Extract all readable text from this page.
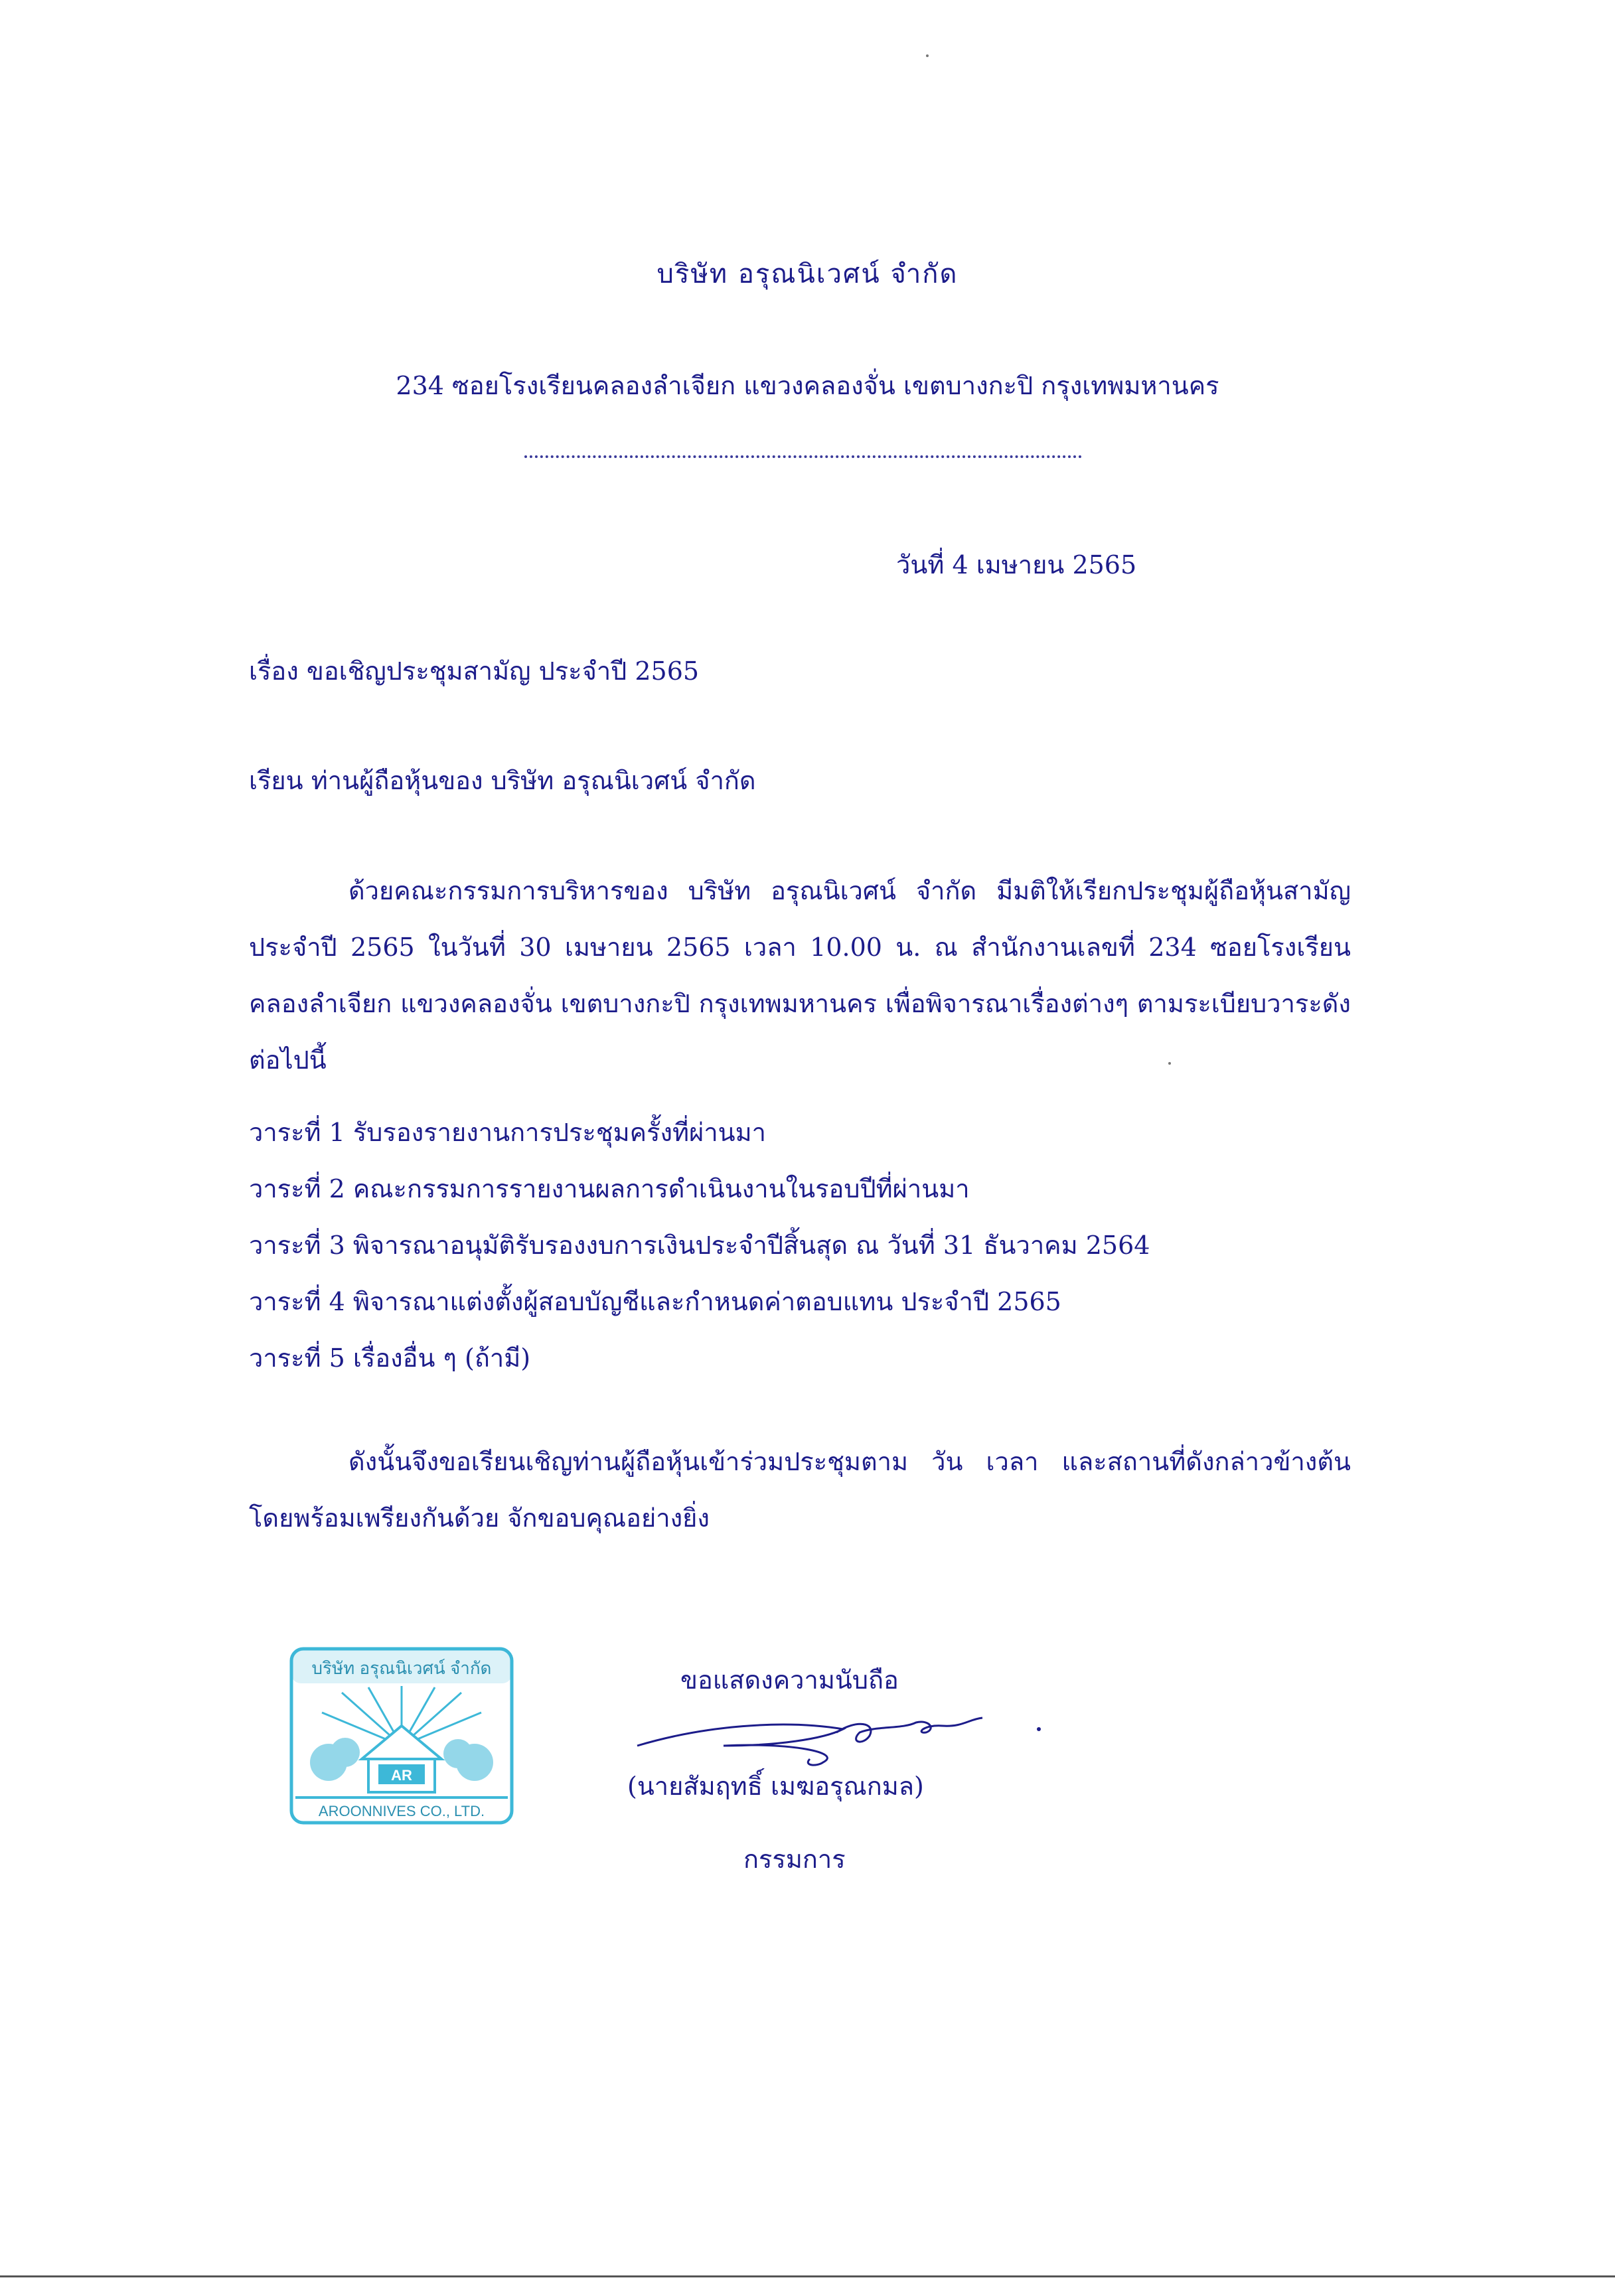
บริษัท อรุณนิเวศน์ จำกัด
234 ซอยโรงเรียนคลองลำเจียก แขวงคลองจั่น เขตบางกะปิ กรุงเทพมหานคร
วันที่ 4 เมษายน 2565
เรื่อง ขอเชิญประชุมสามัญ ประจำปี 2565
เรียน ท่านผู้ถือหุ้นของ บริษัท อรุณนิเวศน์ จำกัด
ด้วยคณะกรรมการบริหารของ บริษัท อรุณนิเวศน์ จำกัด มีมติให้เรียกประชุมผู้ถือหุ้นสามัญประจำปี 2565 ในวันที่ 30 เมษายน 2565 เวลา 10.00 น. ณ สำนักงานเลขที่ 234 ซอยโรงเรียนคลองลำเจียก แขวงคลองจั่น เขตบางกะปิ กรุงเทพมหานคร เพื่อพิจารณาเรื่องต่างๆ ตามระเบียบวาระดังต่อไปนี้
วาระที่ 1 รับรองรายงานการประชุมครั้งที่ผ่านมา
วาระที่ 2 คณะกรรมการรายงานผลการดำเนินงานในรอบปีที่ผ่านมา
วาระที่ 3 พิจารณาอนุมัติรับรองงบการเงินประจำปีสิ้นสุด ณ วันที่ 31 ธันวาคม 2564
วาระที่ 4 พิจารณาแต่งตั้งผู้สอบบัญชีและกำหนดค่าตอบแทน ประจำปี 2565
วาระที่ 5 เรื่องอื่น ๆ (ถ้ามี)
ดังนั้นจึงขอเรียนเชิญท่านผู้ถือหุ้นเข้าร่วมประชุมตาม วัน เวลา และสถานที่ดังกล่าวข้างต้น โดยพร้อมเพรียงกันด้วย จักขอบคุณอย่างยิ่ง
ขอแสดงความนับถือ
(นายสัมฤทธิ์ เมฆอรุณกมล)
กรรมการ
บริษัท อรุณนิเวศน์ จำกัด
AR
AROONNIVES CO., LTD.
